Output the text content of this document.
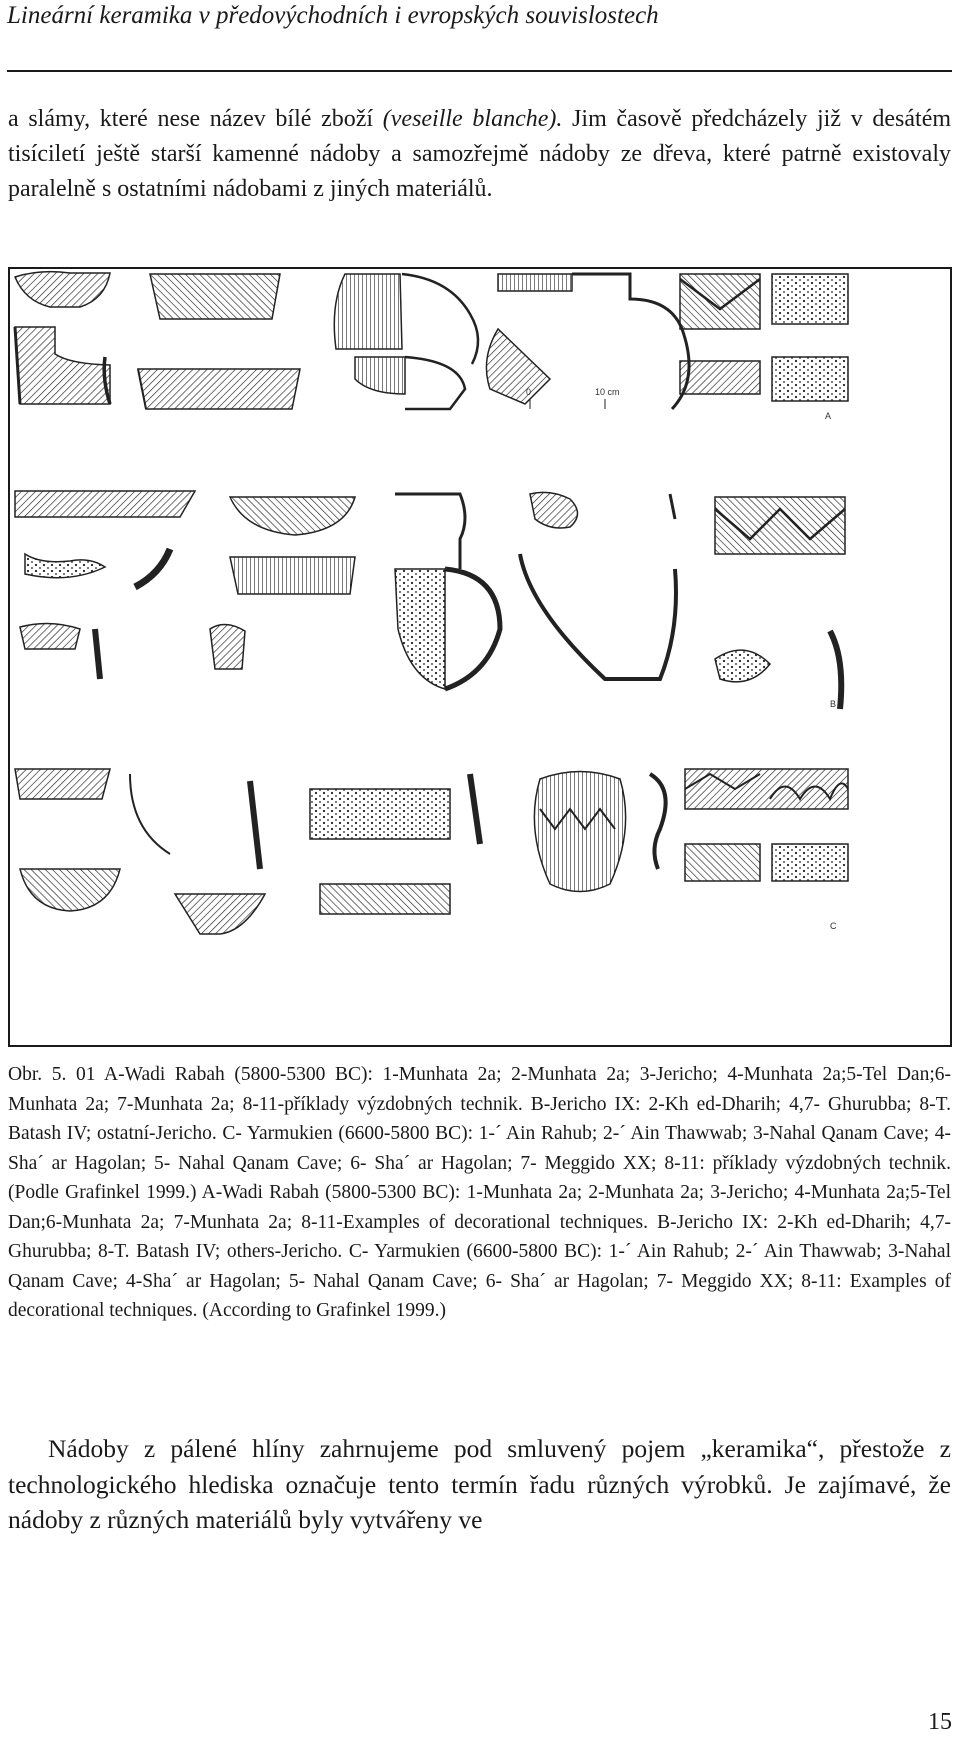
Lineární keramika v předovýchodních i evropských souvislostech
a slámy, které nese název bílé zboží (veseille blanche). Jim časově předcházely již v desátém tisíciletí ještě starší kamenné nádoby a samozřejmě nádoby ze dřeva, které patrně existovaly paralelně s ostatními nádobami z jiných materiálů.
0	10 cm
A
B
C
Obr. 5. 01 A-Wadi Rabah (5800-5300 BC): 1-Munhata 2a; 2-Munhata 2a; 3-Jericho; 4-Munhata 2a;5-Tel Dan;6-Munhata 2a; 7-Munhata 2a; 8-11-příklady výzdobných technik. B-Jericho IX: 2-Kh ed-Dharih; 4,7- Ghurubba; 8-T. Batash IV; ostatní-Jericho. C- Yarmukien (6600-5800 BC): 1-´ Ain Rahub; 2-´ Ain Thawwab; 3-Nahal Qanam Cave; 4-Sha´ ar Hagolan; 5- Nahal Qanam Cave; 6- Sha´ ar Hagolan; 7- Meggido XX; 8-11: příklady výzdobných technik. (Podle Grafinkel 1999.) A-Wadi Rabah (5800-5300 BC): 1-Munhata 2a; 2-Munhata 2a; 3-Jericho; 4-Munhata 2a;5-Tel Dan;6-Munhata 2a; 7-Munhata 2a; 8-11-Examples of decorational techniques. B-Jericho IX: 2-Kh ed-Dharih; 4,7- Ghurubba; 8-T. Batash IV; others-Jericho. C- Yarmukien (6600-5800 BC): 1-´ Ain Rahub; 2-´ Ain Thawwab; 3-Nahal Qanam Cave; 4-Sha´ ar Hagolan; 5- Nahal Qanam Cave; 6- Sha´ ar Hagolan; 7- Meggido XX; 8-11: Examples of decorational techniques. (According to Grafinkel 1999.)
Nádoby z pálené hlíny zahrnujeme pod smluvený pojem „keramika“, přestože z technologického hlediska označuje tento termín řadu různých výrobků. Je zajímavé, že nádoby z různých materiálů byly vytvářeny ve
15
